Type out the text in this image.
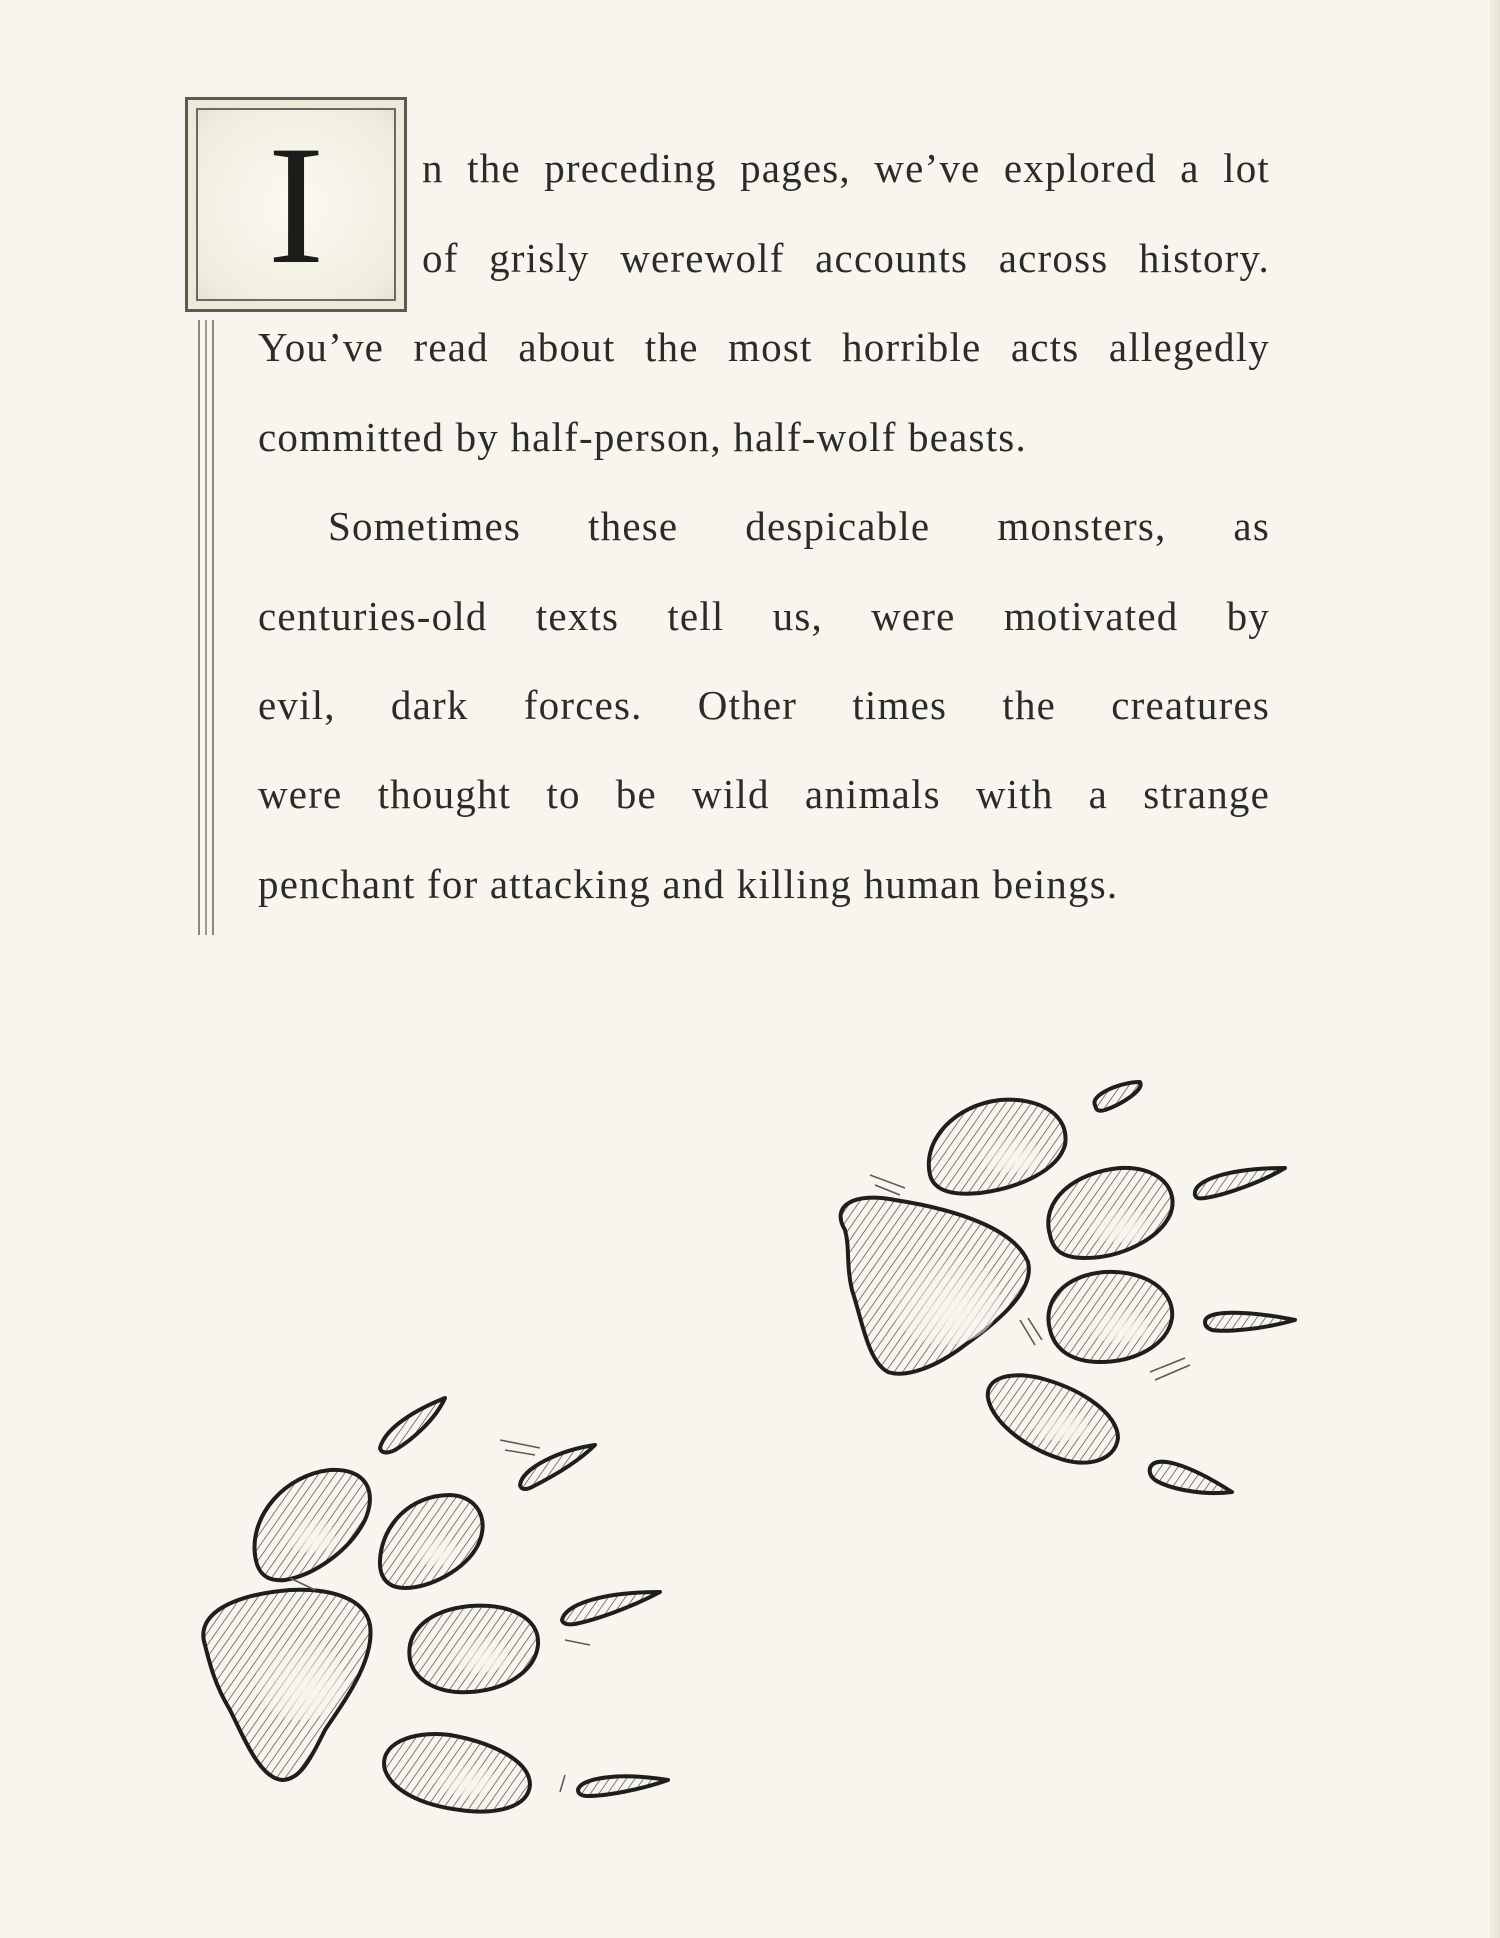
I	n the preceding pages, we’ve explored a lot
of grisly werewolf accounts across history.
You’ve read about the most horrible acts allegedly
committed by half-person, half-wolf beasts.
Sometimes these despicable monsters, as
centuries-old texts tell us, were motivated by
evil, dark forces. Other times the creatures
were thought to be wild animals with a strange
penchant for attacking and killing human beings.
